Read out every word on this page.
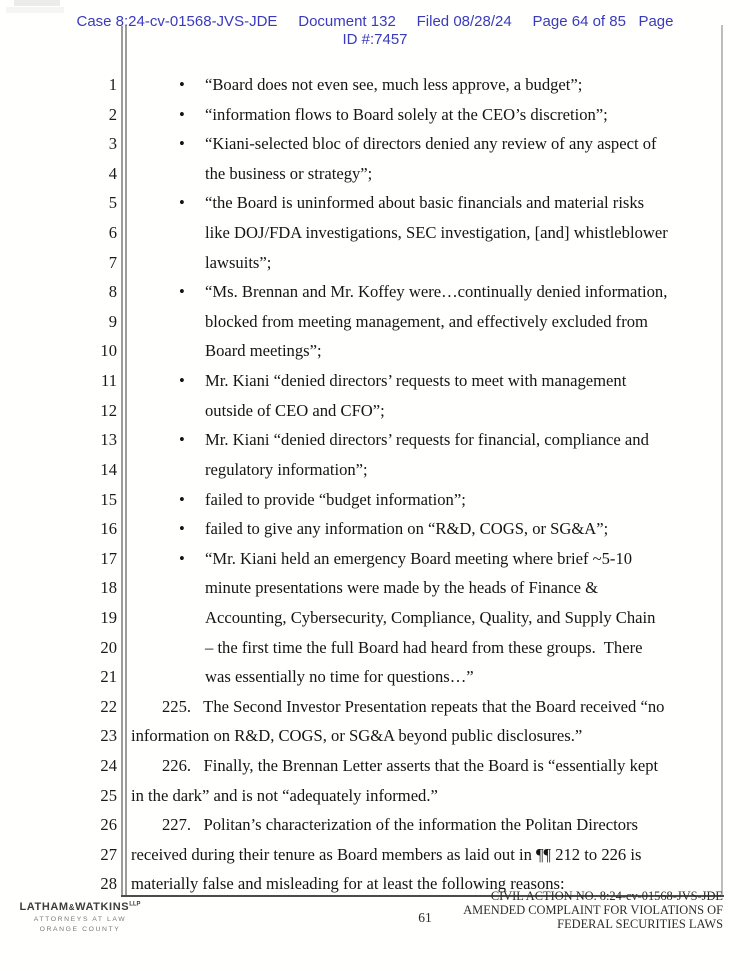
Case 8:24-cv-01568-JVS-JDE     Document 132     Filed 08/28/24     Page 64 of 85   Page
ID #:7457
1	• “Board does not even see, much less approve, a budget”;
2	• “information flows to Board solely at the CEO’s discretion”;
3	• “Kiani-selected bloc of directors denied any review of any aspect of
4	the business or strategy”;
5	• “the Board is uninformed about basic financials and material risks
6	like DOJ/FDA investigations, SEC investigation, [and] whistleblower
7	lawsuits”;
8	• “Ms. Brennan and Mr. Koffey were…continually denied information,
9	blocked from meeting management, and effectively excluded from
10	Board meetings”;
11	• Mr. Kiani “denied directors’ requests to meet with management
12	outside of CEO and CFO”;
13	• Mr. Kiani “denied directors’ requests for financial, compliance and
14	regulatory information”;
15	• failed to provide “budget information”;
16	• failed to give any information on “R&D, COGS, or SG&A”;
17	• “Mr. Kiani held an emergency Board meeting where brief ~5-10
18	minute presentations were made by the heads of Finance &
19	Accounting, Cybersecurity, Compliance, Quality, and Supply Chain
20	– the first time the full Board had heard from these groups.  There
21	was essentially no time for questions…”
22	225.   The Second Investor Presentation repeats that the Board received “no
23 information on R&D, COGS, or SG&A beyond public disclosures.”
24	226.   Finally, the Brennan Letter asserts that the Board is “essentially kept
25 in the dark” and is not “adequately informed.”
26	227.   Politan’s characterization of the information the Politan Directors
27 received during their tenure as Board members as laid out in ¶¶ 212 to 226 is
28 materially false and misleading for at least the following reasons:
$LATHAM\&WATKINS^{LLP}$
ATTORNEYS AT LAW
ORANGE COUNTY
61
CIVIL ACTION NO. 8:24-cv-01568-JVS-JDE
AMENDED COMPLAINT FOR VIOLATIONS OF
FEDERAL SECURITIES LAWS
